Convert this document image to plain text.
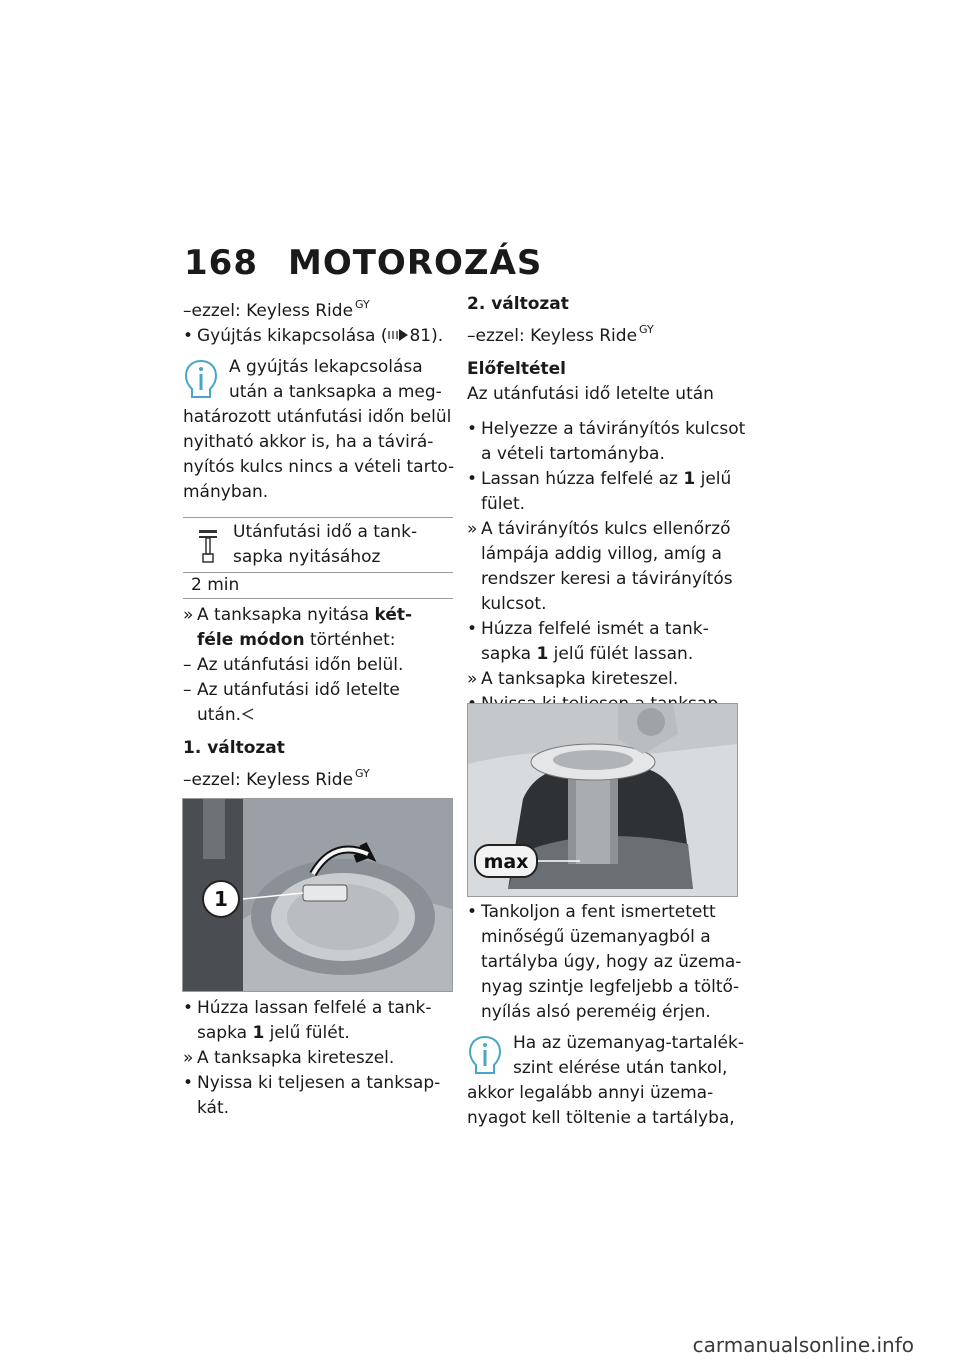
168 MOTOROZÁS
–ezzel: Keyless Ride $^{GY}$
• Gyújtás kikapcsolása ( 81).
A gyújtás lekapcsolása
után a tanksapka a meg-
határozott utánfutási időn belül
nyitható akkor is, ha a távirá-
nyítós kulcs nincs a vételi tarto-
mányban.
Utánfutási idő a tank-
sapka nyitásához
2 min
» A tanksapka nyitása két-
féle módon történhet:
– Az utánfutási időn belül.
– Az utánfutási idő letelte
után.
1. változat
–ezzel: Keyless Ride $^{GY}$
1
• Húzza lassan felfelé a tank-
sapka 1 jelű fülét.
» A tanksapka kireteszel.
• Nyissa ki teljesen a tanksap-
kát.
2. változat
–ezzel: Keyless Ride $^{GY}$
Előfeltétel
Az utánfutási idő letelte után
• Helyezze a távirányítós kulcsot
a vételi tartományba.
• Lassan húzza felfelé az 1 jelű
fület.
» A távirányítós kulcs ellenőrző
lámpája addig villog, amíg a
rendszer keresi a távirányítós
kulcsot.
• Húzza felfelé ismét a tank-
sapka 1 jelű fülét lassan.
» A tanksapka kireteszel.
max
• Tankoljon a fent ismertetett
minőségű üzemanyagból a
tartályba úgy, hogy az üzema-
nyag szintje legfeljebb a töltő-
nyílás alsó pereméig érjen.
Ha az üzemanyag-tartalék-
szint elérése után tankol,
akkor legalább annyi üzema-
nyagot kell töltenie a tartályba,
carmanualsonline.info
